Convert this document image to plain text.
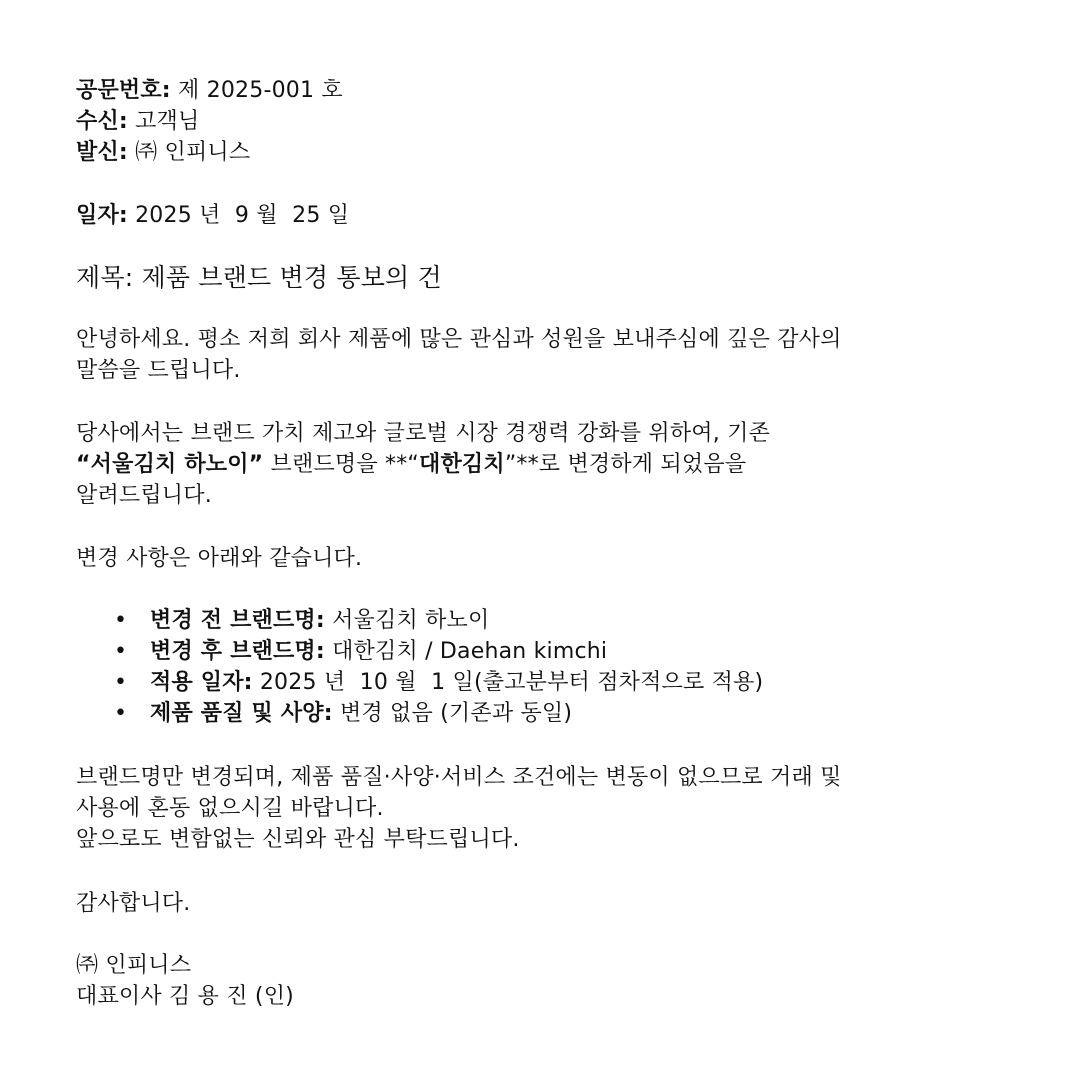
공문번호: 제 2025-001 호
수신: 고객님
발신: ㈜ 인피니스
일자: 2025 년  9 월  25 일
제목: 제품 브랜드 변경 통보의 건
안녕하세요. 평소 저희 회사 제품에 많은 관심과 성원을 보내주심에 깊은 감사의
말씀을 드립니다.
당사에서는 브랜드 가치 제고와 글로벌 시장 경쟁력 강화를 위하여, 기존
“서울김치 하노이” 브랜드명을 **“대한김치”**로 변경하게 되었음을
알려드립니다.
변경 사항은 아래와 같습니다.
• 변경 전 브랜드명: 서울김치 하노이
• 변경 후 브랜드명: 대한김치 / Daehan kimchi
• 적용 일자: 2025 년  10 월  1 일(출고분부터 점차적으로 적용)
• 제품 품질 및 사양: 변경 없음 (기존과 동일)
브랜드명만 변경되며, 제품 품질·사양·서비스 조건에는 변동이 없으므로 거래 및
사용에 혼동 없으시길 바랍니다.
앞으로도 변함없는 신뢰와 관심 부탁드립니다.
감사합니다.
㈜ 인피니스
대표이사 김 용 진 (인)
